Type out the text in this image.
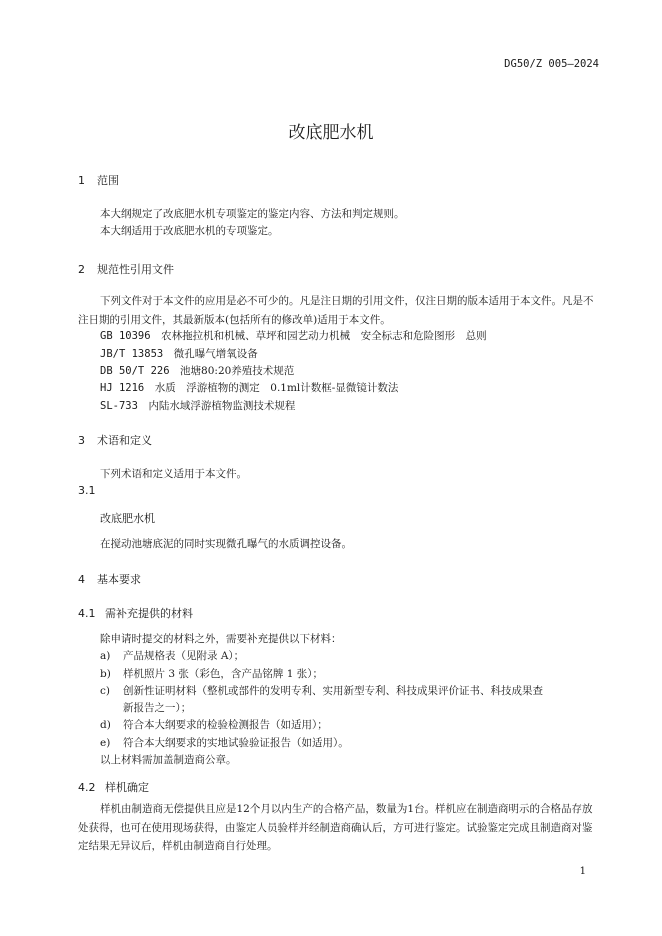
DG50/Z 005—2024
改底肥水机
1 范围
本大纲规定了改底肥水机专项鉴定的鉴定内容、方法和判定规则。
本大纲适用于改底肥水机的专项鉴定。
2 规范性引用文件
下列文件对于本文件的应用是必不可少的。凡是注日期的引用文件，仅注日期的版本适用于本文件。凡是不注日期的引用文件，其最新版本(包括所有的修改单)适用于本文件。
GB 10396　 农林拖拉机和机械、草坪和园艺动力机械　安全标志和危险图形　总则
JB/T 13853　 微孔曝气增氧设备
DB 50/T 226　 池塘80:20养殖技术规范
HJ 1216　 水质　浮游植物的测定　0.1ml计数框-显微镜计数法
SL-733　 内陆水域浮游植物监测技术规程
3 术语和定义
下列术语和定义适用于本文件。
3.1
改底肥水机
在搅动池塘底泥的同时实现微孔曝气的水质调控设备。
4 基本要求
4.1 需补充提供的材料
除申请时提交的材料之外，需要补充提供以下材料：
a) 产品规格表（见附录 A）；
b) 样机照片 3 张（彩色，含产品铭牌 1 张）；
c) 创新性证明材料（整机或部件的发明专利、实用新型专利、科技成果评价证书、科技成果查
新报告之一）；
d) 符合本大纲要求的检验检测报告（如适用）；
e) 符合本大纲要求的实地试验验证报告（如适用）。
以上材料需加盖制造商公章。
4.2 样机确定
样机由制造商无偿提供且应是12个月以内生产的合格产品，数量为1台。样机应在制造商明示的合格品存放处获得，也可在使用现场获得，由鉴定人员验样并经制造商确认后，方可进行鉴定。试验鉴定完成且制造商对鉴定结果无异议后，样机由制造商自行处理。
1
